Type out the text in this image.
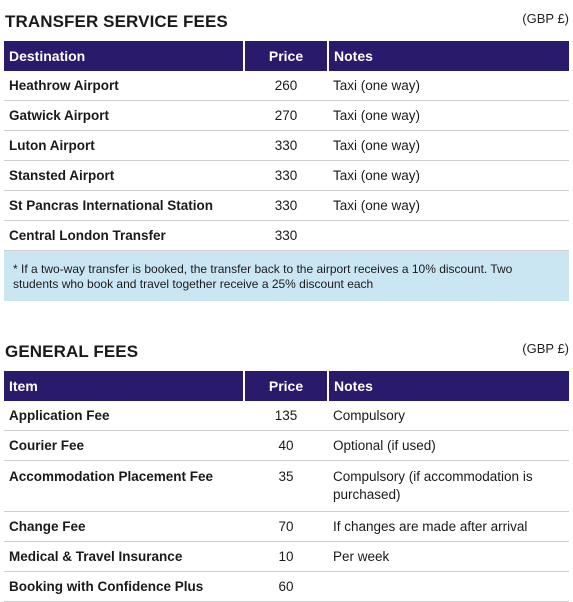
TRANSFER SERVICE FEES	(GBP £)
Destination	Price	Notes
Heathrow Airport	260	Taxi (one way)
Gatwick Airport	270	Taxi (one way)
Luton Airport	330	Taxi (one way)
Stansted Airport	330	Taxi (one way)
St Pancras International Station	330	Taxi (one way)
Central London Transfer	330	
* If a two-way transfer is booked, the transfer back to the airport receives a 10% discount. Two students who book and travel together receive a 25% discount each
GENERAL FEES	(GBP £)
Item	Price	Notes
Application Fee	135	Compulsory
Courier Fee	40	Optional (if used)
Accommodation Placement Fee	35	Compulsory (if accommodation is purchased)
Change Fee	70	If changes are made after arrival
Medical & Travel Insurance	10	Per week
Booking with Confidence Plus	60	
